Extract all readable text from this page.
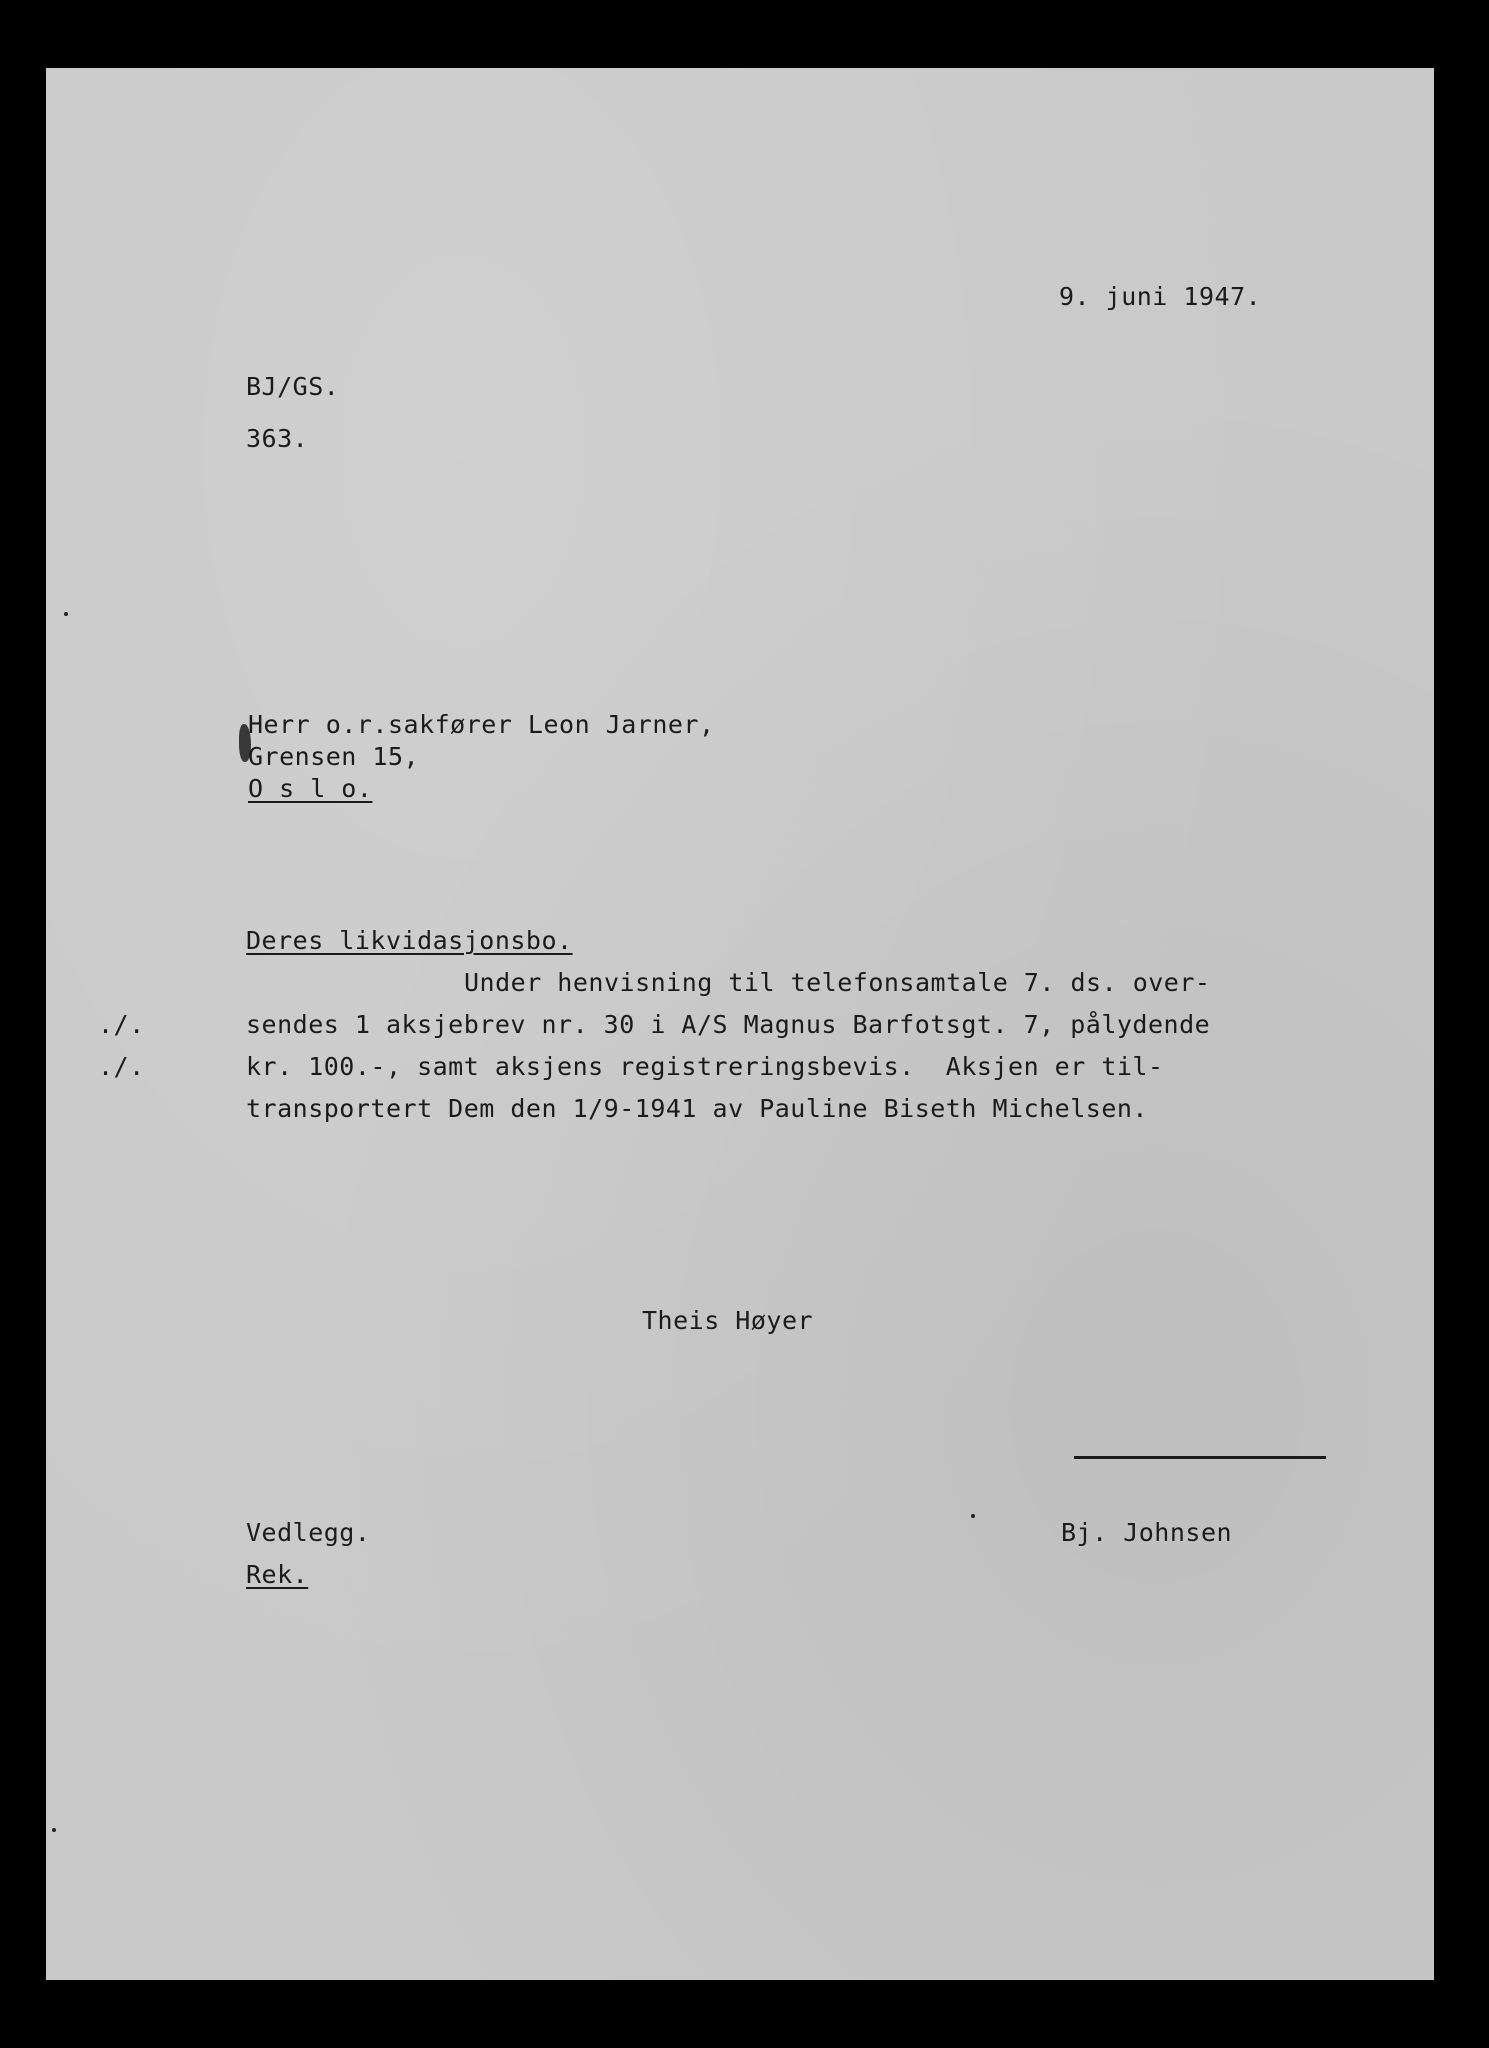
9. juni 1947.
BJ/GS.
363.
Herr o.r.sakfører Leon Jarner,
Grensen 15,
O s l o.
Deres likvidasjonsbo.
Under henvisning til telefonsamtale 7. ds. over-
sendes 1 aksjebrev nr. 30 i A/S Magnus Barfotsgt. 7, pålydende
kr. 100.-, samt aksjens registreringsbevis.  Aksjen er til-
transportert Dem den 1/9-1941 av Pauline Biseth Michelsen.
./.
./.
Theis Høyer
Vedlegg.
Rek.
Bj. Johnsen
